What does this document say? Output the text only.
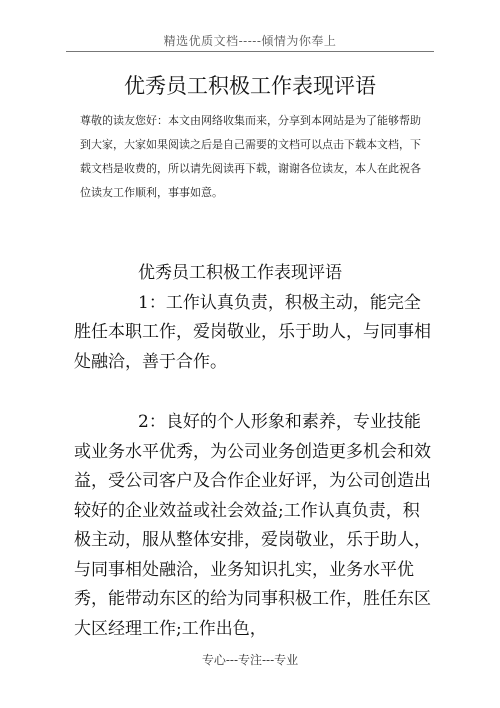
精选优质文档-----倾情为你奉上
优秀员工积极工作表现评语
尊敬的读友您好：本文由网络收集而来，分享到本网站是为了能够帮助到大家，大家如果阅读之后是自己需要的文档可以点击下载本文档，下载文档是收费的，所以请先阅读再下载，谢谢各位读友，本人在此祝各位读友工作顺利，事事如意。

优秀员工积极工作表现评语

1：工作认真负责，积极主动，能完全胜任本职工作，爱岗敬业，乐于助人，与同事相处融洽，善于合作。

2：良好的个人形象和素养，专业技能或业务水平优秀，为公司业务创造更多机会和效益，受公司客户及合作企业好评，为公司创造出较好的企业效益或社会效益;工作认真负责，积极主动，服从整体安排，爱岗敬业，乐于助人，与同事相处融洽，业务知识扎实，业务水平优秀，能带动东区的给为同事积极工作，胜任东区大区经理工作;工作出色，

专心---专注---专业
